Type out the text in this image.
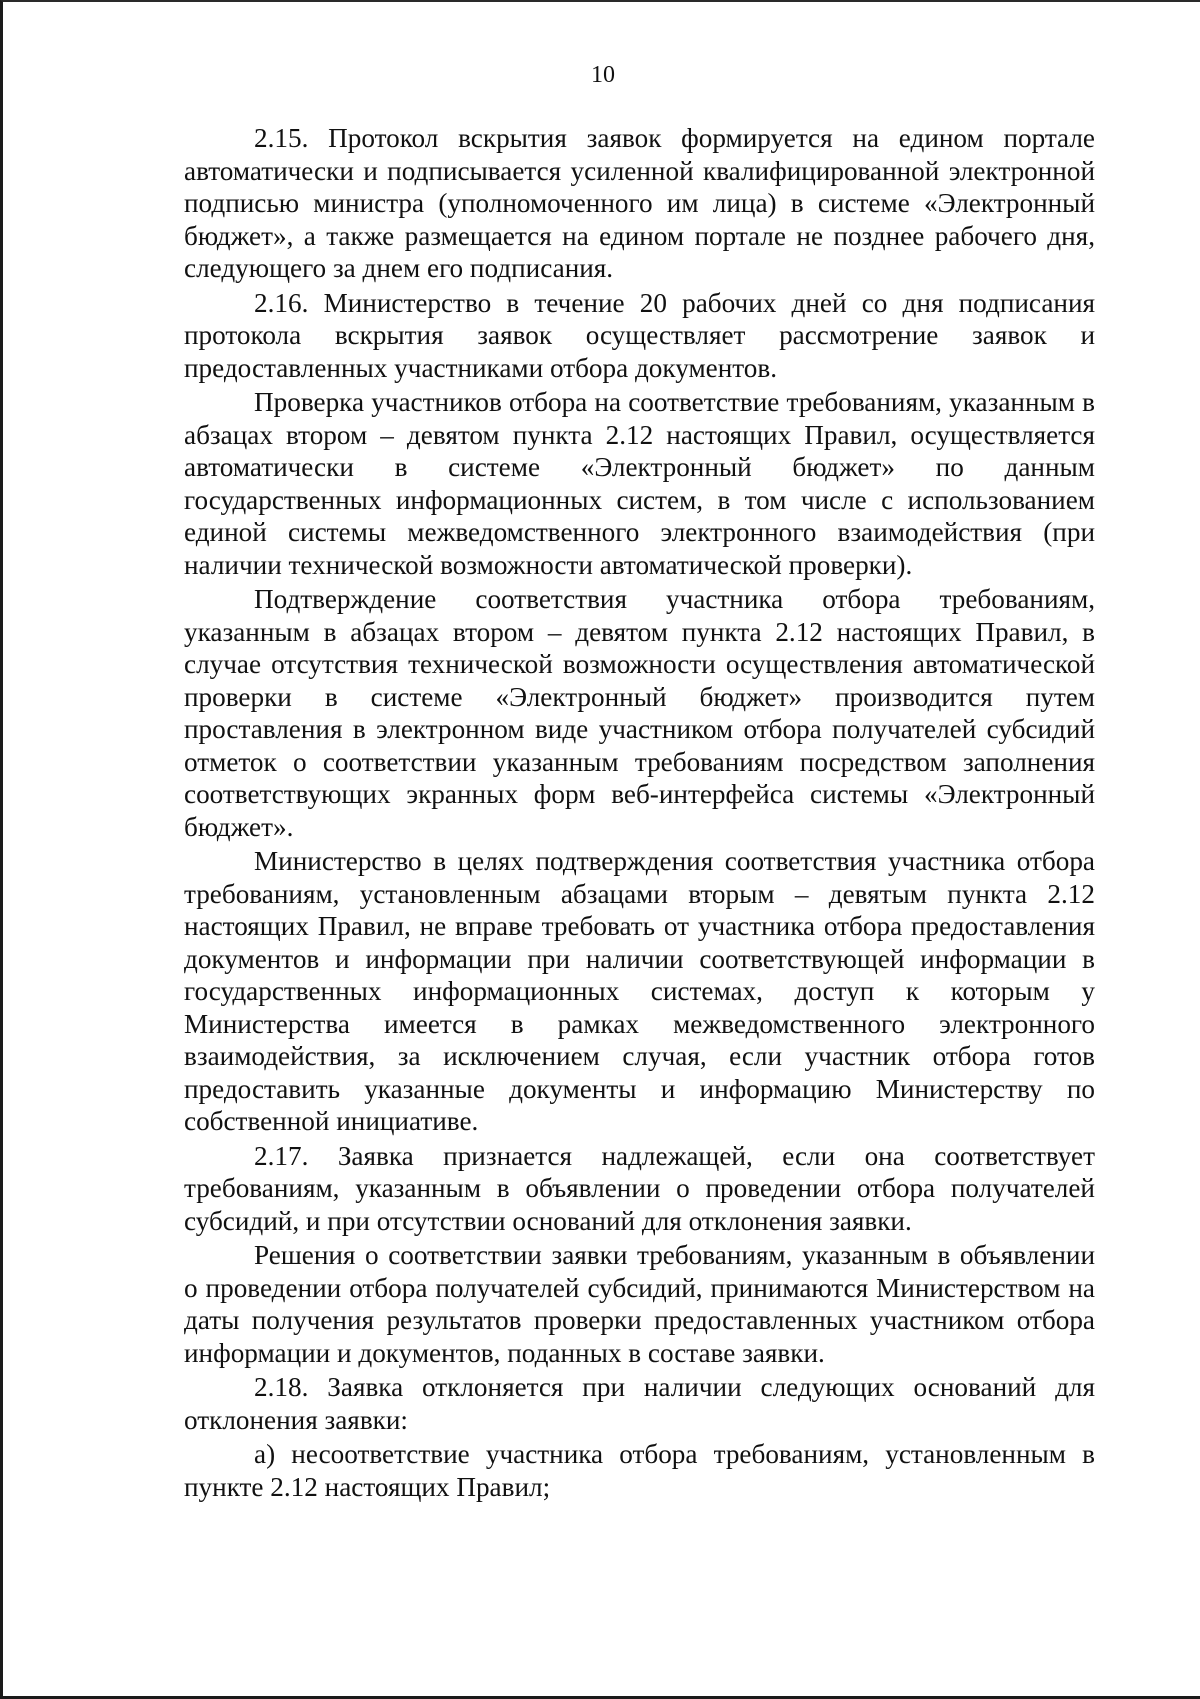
10

2.15. Протокол вскрытия заявок формируется на едином портале автоматически и подписывается усиленной квалифицированной электронной подписью министра (уполномоченного им лица) в системе «Электронный бюджет», а также размещается на едином портале не позднее рабочего дня, следующего за днем его подписания.

2.16. Министерство в течение 20 рабочих дней со дня подписания протокола вскрытия заявок осуществляет рассмотрение заявок и предоставленных участниками отбора документов.

Проверка участников отбора на соответствие требованиям, указанным в абзацах втором – девятом пункта 2.12 настоящих Правил, осуществляется автоматически в системе «Электронный бюджет» по данным государственных информационных систем, в том числе с использованием единой системы межведомственного электронного взаимодействия (при наличии технической возможности автоматической проверки).

Подтверждение соответствия участника отбора требованиям, указанным в абзацах втором – девятом пункта 2.12 настоящих Правил, в случае отсутствия технической возможности осуществления автоматической проверки в системе «Электронный бюджет» производится путем проставления в электронном виде участником отбора получателей субсидий отметок о соответствии указанным требованиям посредством заполнения соответствующих экранных форм веб-интерфейса системы «Электронный бюджет».

Министерство в целях подтверждения соответствия участника отбора требованиям, установленным абзацами вторым – девятым пункта 2.12 настоящих Правил, не вправе требовать от участника отбора предоставления документов и информации при наличии соответствующей информации в государственных информационных системах, доступ к которым у Министерства имеется в рамках межведомственного электронного взаимодействия, за исключением случая, если участник отбора готов предоставить указанные документы и информацию Министерству по собственной инициативе.

2.17. Заявка признается надлежащей, если она соответствует требованиям, указанным в объявлении о проведении отбора получателей субсидий, и при отсутствии оснований для отклонения заявки.

Решения о соответствии заявки требованиям, указанным в объявлении о проведении отбора получателей субсидий, принимаются Министерством на даты получения результатов проверки предоставленных участником отбора информации и документов, поданных в составе заявки.

2.18. Заявка отклоняется при наличии следующих оснований для отклонения заявки:

а) несоответствие участника отбора требованиям, установленным в пункте 2.12 настоящих Правил;
